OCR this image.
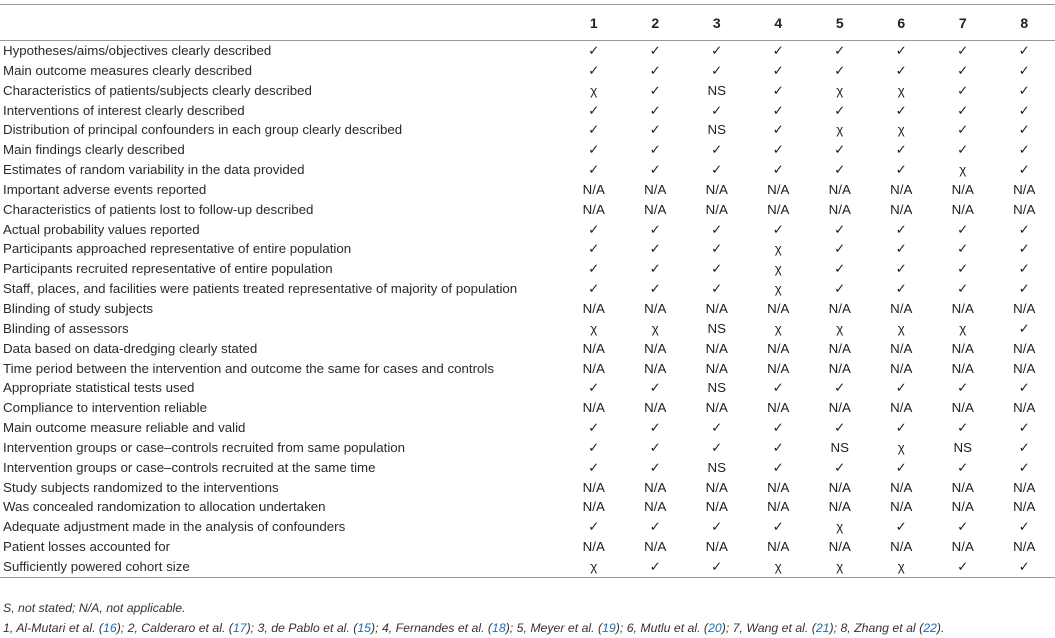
	1	2	3	4	5	6	7	8
Hypotheses/aims/objectives clearly described	✓	✓	✓	✓	✓	✓	✓	✓
Main outcome measures clearly described	✓	✓	✓	✓	✓	✓	✓	✓
Characteristics of patients/subjects clearly described	χ	✓	NS	✓	χ	χ	✓	✓
Interventions of interest clearly described	✓	✓	✓	✓	✓	✓	✓	✓
Distribution of principal confounders in each group clearly described	✓	✓	NS	✓	χ	χ	✓	✓
Main findings clearly described	✓	✓	✓	✓	✓	✓	✓	✓
Estimates of random variability in the data provided	✓	✓	✓	✓	✓	✓	χ	✓
Important adverse events reported	N/A	N/A	N/A	N/A	N/A	N/A	N/A	N/A
Characteristics of patients lost to follow-up described	N/A	N/A	N/A	N/A	N/A	N/A	N/A	N/A
Actual probability values reported	✓	✓	✓	✓	✓	✓	✓	✓
Participants approached representative of entire population	✓	✓	✓	χ	✓	✓	✓	✓
Participants recruited representative of entire population	✓	✓	✓	χ	✓	✓	✓	✓
Staff, places, and facilities were patients treated representative of majority of population	✓	✓	✓	χ	✓	✓	✓	✓
Blinding of study subjects	N/A	N/A	N/A	N/A	N/A	N/A	N/A	N/A
Blinding of assessors	χ	χ	NS	χ	χ	χ	χ	✓
Data based on data-dredging clearly stated	N/A	N/A	N/A	N/A	N/A	N/A	N/A	N/A
Time period between the intervention and outcome the same for cases and controls	N/A	N/A	N/A	N/A	N/A	N/A	N/A	N/A
Appropriate statistical tests used	✓	✓	NS	✓	✓	✓	✓	✓
Compliance to intervention reliable	N/A	N/A	N/A	N/A	N/A	N/A	N/A	N/A
Main outcome measure reliable and valid	✓	✓	✓	✓	✓	✓	✓	✓
Intervention groups or case–controls recruited from same population	✓	✓	✓	✓	NS	χ	NS	✓
Intervention groups or case–controls recruited at the same time	✓	✓	NS	✓	✓	✓	✓	✓
Study subjects randomized to the interventions	N/A	N/A	N/A	N/A	N/A	N/A	N/A	N/A
Was concealed randomization to allocation undertaken	N/A	N/A	N/A	N/A	N/A	N/A	N/A	N/A
Adequate adjustment made in the analysis of confounders	✓	✓	✓	✓	χ	✓	✓	✓
Patient losses accounted for	N/A	N/A	N/A	N/A	N/A	N/A	N/A	N/A
Sufficiently powered cohort size	χ	✓	✓	χ	χ	χ	✓	✓
S, not stated; N/A, not applicable.
1, Al-Mutari et al. (16); 2, Calderaro et al. (17); 3, de Pablo et al. (15); 4, Fernandes et al. (18); 5, Meyer et al. (19); 6, Mutlu et al. (20); 7, Wang et al. (21); 8, Zhang et al (22).
